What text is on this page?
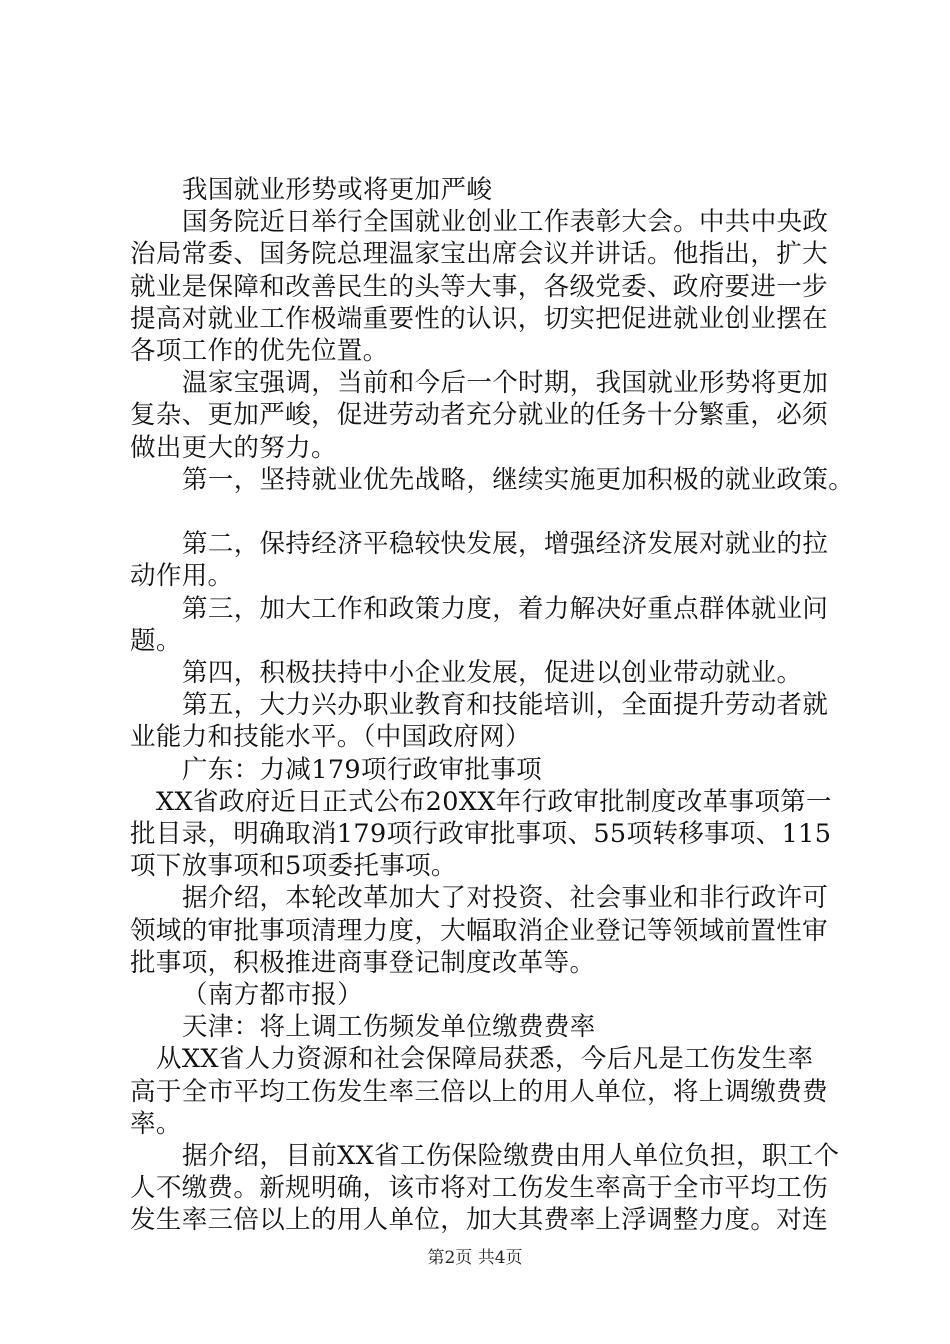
我国就业形势或将更加严峻

国务院近日举行全国就业创业工作表彰大会。中共中央政

治局常委、国务院总理温家宝出席会议并讲话。他指出，扩大

就业是保障和改善民生的头等大事，各级党委、政府要进一步

提高对就业工作极端重要性的认识，切实把促进就业创业摆在

各项工作的优先位置。

温家宝强调，当前和今后一个时期，我国就业形势将更加

复杂、更加严峻，促进劳动者充分就业的任务十分繁重，必须

做出更大的努力。

第一，坚持就业优先战略，继续实施更加积极的就业政策。

第二，保持经济平稳较快发展，增强经济发展对就业的拉

动作用。

第三，加大工作和政策力度，着力解决好重点群体就业问

题。

第四，积极扶持中小企业发展，促进以创业带动就业。

第五，大力兴办职业教育和技能培训，全面提升劳动者就

业能力和技能水平。（中国政府网）

广东：力减179项行政审批事项

XX省政府近日正式公布20XX年行政审批制度改革事项第一

批目录，明确取消179项行政审批事项、55项转移事项、115

项下放事项和5项委托事项。

据介绍，本轮改革加大了对投资、社会事业和非行政许可

领域的审批事项清理力度，大幅取消企业登记等领域前置性审

批事项，积极推进商事登记制度改革等。

（南方都市报）

天津：将上调工伤频发单位缴费费率

从XX省人力资源和社会保障局获悉，今后凡是工伤发生率

高于全市平均工伤发生率三倍以上的用人单位，将上调缴费费

率。

据介绍，目前XX省工伤保险缴费由用人单位负担，职工个

人不缴费。新规明确，该市将对工伤发生率高于全市平均工伤

发生率三倍以上的用人单位，加大其费率上浮调整力度。对连

第2页 共4页
